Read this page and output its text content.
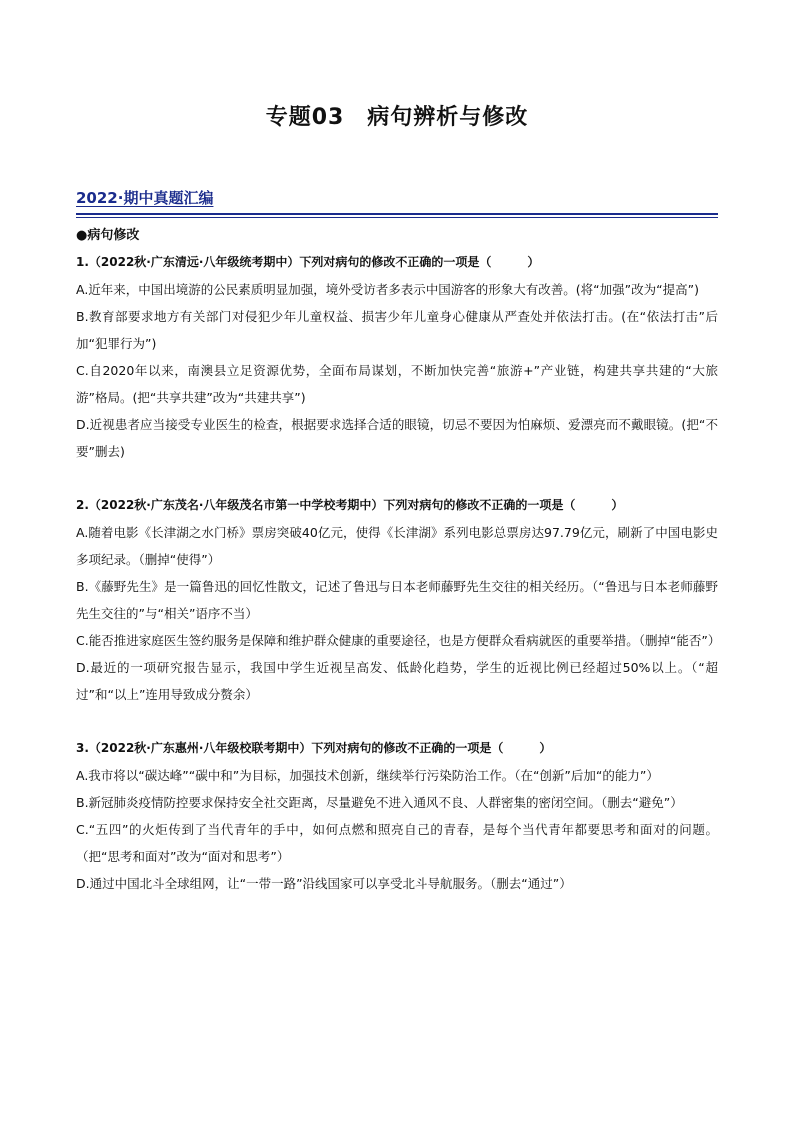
专题03　病句辨析与修改
2022·期中真题汇编
●病句修改
1.（2022秋·广东清远·八年级统考期中）下列对病句的修改不正确的一项是（　　　）
A.近年来，中国出境游的公民素质明显加强，境外受访者多表示中国游客的形象大有改善。(将“加强”改为“提高”)
B.教育部要求地方有关部门对侵犯少年儿童权益、损害少年儿童身心健康从严查处并依法打击。(在“依法打击”后加“犯罪行为”)
C.自2020年以来，南澳县立足资源优势，全面布局谋划，不断加快完善“旅游+”产业链，构建共享共建的“大旅游”格局。(把“共享共建”改为“共建共享”)
D.近视患者应当接受专业医生的检查，根据要求选择合适的眼镜，切忌不要因为怕麻烦、爱漂亮而不戴眼镜。(把“不要”删去)
2.（2022秋·广东茂名·八年级茂名市第一中学校考期中）下列对病句的修改不正确的一项是（　　　）
A.随着电影《长津湖之水门桥》票房突破40亿元，使得《长津湖》系列电影总票房达97.79亿元，刷新了中国电影史多项纪录。（删掉“使得”）
B.《藤野先生》是一篇鲁迅的回忆性散文，记述了鲁迅与日本老师藤野先生交往的相关经历。（“鲁迅与日本老师藤野先生交往的”与“相关”语序不当）
C.能否推进家庭医生签约服务是保障和维护群众健康的重要途径，也是方便群众看病就医的重要举措。（删掉“能否”）
D.最近的一项研究报告显示，我国中学生近视呈高发、低龄化趋势，学生的近视比例已经超过50%以上。（“超过”和“以上”连用导致成分赘余）
3.（2022秋·广东惠州·八年级校联考期中）下列对病句的修改不正确的一项是（　　　）
A.我市将以“碳达峰”“碳中和”为目标，加强技术创新，继续举行污染防治工作。（在“创新”后加“的能力”）
B.新冠肺炎疫情防控要求保持安全社交距离，尽量避免不进入通风不良、人群密集的密闭空间。（删去“避免”）
C.“五四”的火炬传到了当代青年的手中，如何点燃和照亮自己的青春，是每个当代青年都要思考和面对的问题。（把“思考和面对”改为“面对和思考”）
D.通过中国北斗全球组网，让“一带一路”沿线国家可以享受北斗导航服务。（删去“通过”）
